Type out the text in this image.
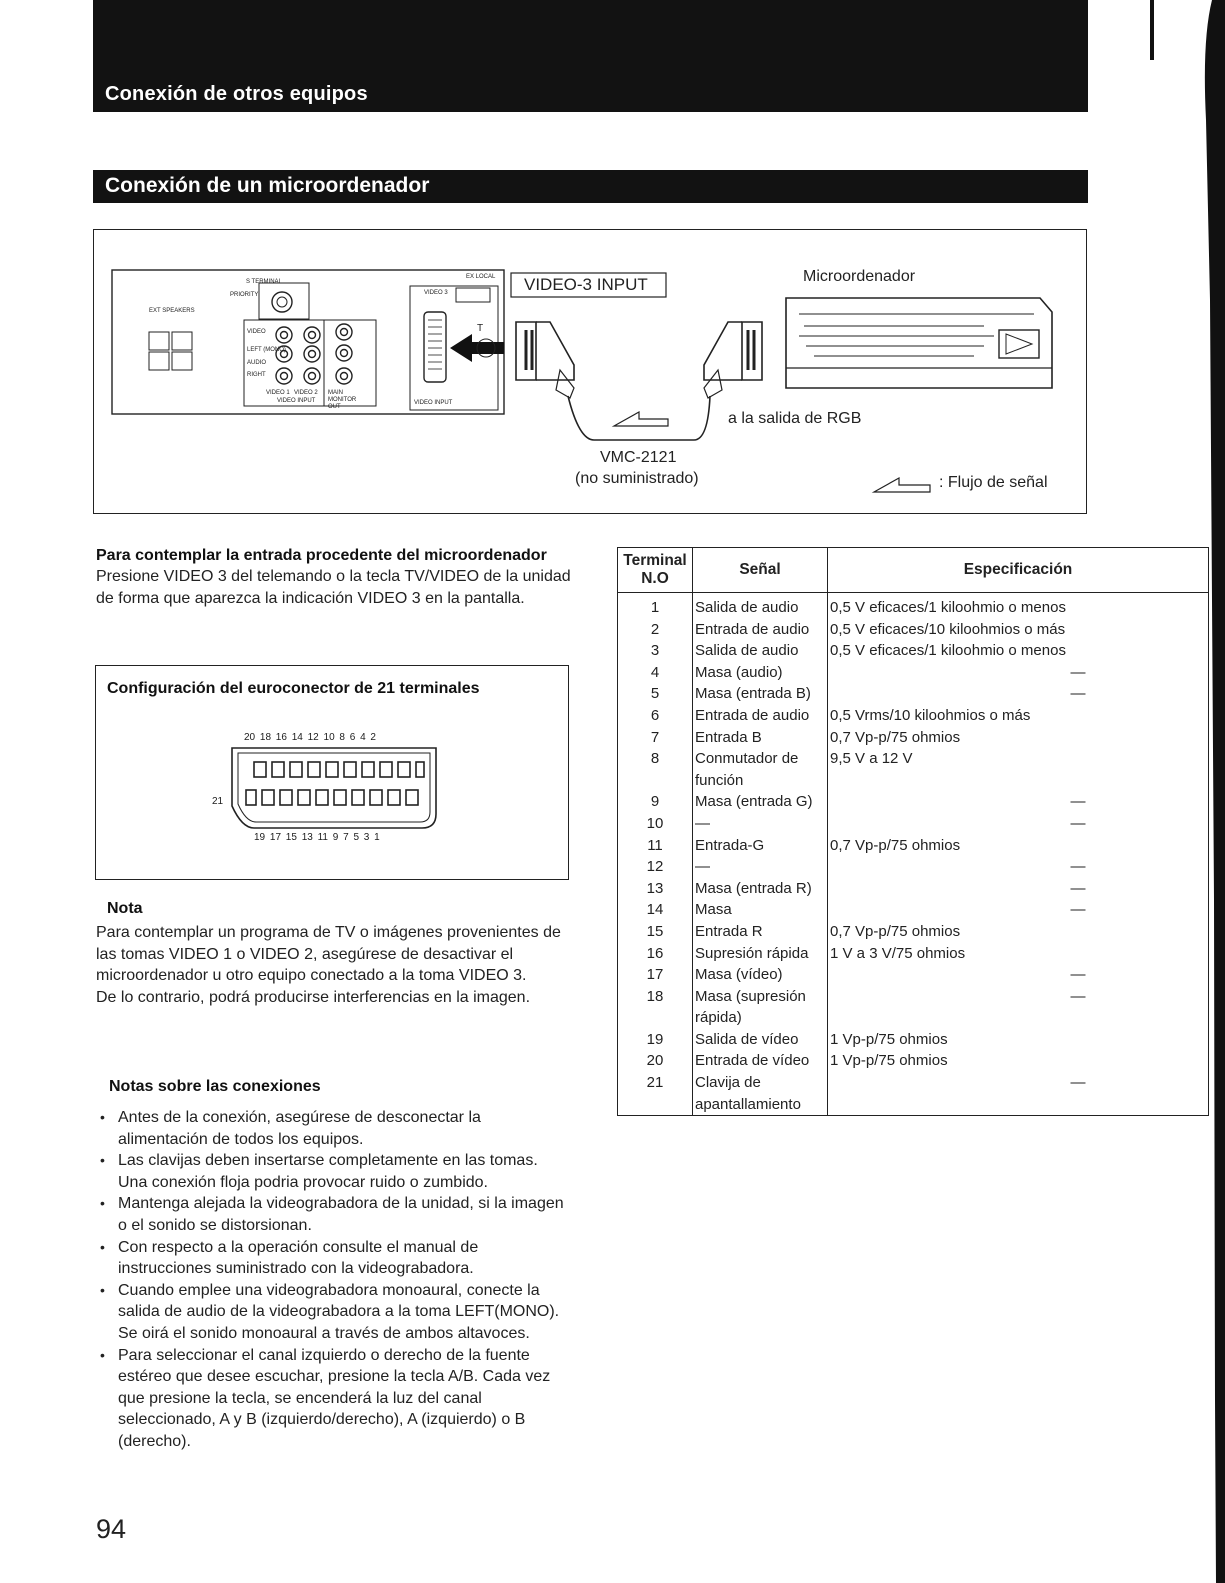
Conexión de otros equipos
Conexión de un microordenador
T
S TERMINAL
PRIORITY
EXT SPEAKERS
VIDEO
LEFT (MONO)
AUDIO
RIGHT
VIDEO 1 VIDEO 2
VIDEO INPUT
MAIN MONITOR OUT
VIDEO 3
EX LOCAL
VIDEO INPUT
VIDEO-3 INPUT	Microordenador
a la salida de RGB
VMC-2121
(no suministrado)	: Flujo de señal
Para contemplar la entrada procedente del microordenador
Presione VIDEO 3 del telemando o la tecla TV/VIDEO de la unidad de forma que aparezca la indicación VIDEO 3 en la pantalla.
Configuración del euroconector de 21 terminales
20 18 16 14 12 10 8 6 4 2
19 17 15 13 11 9 7 5 3 1
21
Nota
Para contemplar un programa de TV o imágenes provenientes de las tomas VIDEO 1 o VIDEO 2, asegúrese de desactivar el microordenador u otro equipo conectado a la toma VIDEO 3.
De lo contrario, podrá producirse interferencias en la imagen.
Notas sobre las conexiones
• Antes de la conexión, asegúrese de desconectar la alimentación de todos los equipos.
• Las clavijas deben insertarse completamente en las tomas.
Una conexión floja podria provocar ruido o zumbido.
• Mantenga alejada la videograbadora de la unidad, si la imagen o el sonido se distorsionan.
• Con respecto a la operación consulte el manual de instrucciones suministrado con la videograbadora.
• Cuando emplee una videograbadora monoaural, conecte la salida de audio de la videograbadora a la toma LEFT(MONO). Se oirá el sonido monoaural a través de ambos altavoces.
• Para seleccionar el canal izquierdo o derecho de la fuente estéreo que desee escuchar, presione la tecla A/B. Cada vez que presione la tecla, se encenderá la luz del canal seleccionado, A y B (izquierdo/derecho), A (izquierdo) o B (derecho).
Terminal
N.O	Señal	Especificación
1	Salida de audio	0,5 V eficaces/1 kiloohmio o menos
2	Entrada de audio	0,5 V eficaces/10 kiloohmios o más
3	Salida de audio	0,5 V eficaces/1 kiloohmio o menos
4	Masa (audio)	—
5	Masa (entrada B)	—
6	Entrada de audio	0,5 Vrms/10 kiloohmios o más
7	Entrada B	0,7 Vp-p/75 ohmios
8	Conmutador de función	9,5 V a 12 V
9	Masa (entrada G)	—
10	—	—
11	Entrada-G	0,7 Vp-p/75 ohmios
12	—	—
13	Masa (entrada R)	—
14	Masa	—
15	Entrada R	0,7 Vp-p/75 ohmios
16	Supresión rápida	1 V a 3 V/75 ohmios
17	Masa (vídeo)	—
18	Masa (supresión rápida)	—
19	Salida de vídeo	1 Vp-p/75 ohmios
20	Entrada de vídeo	1 Vp-p/75 ohmios
21	Clavija de apantallamiento	—
94
